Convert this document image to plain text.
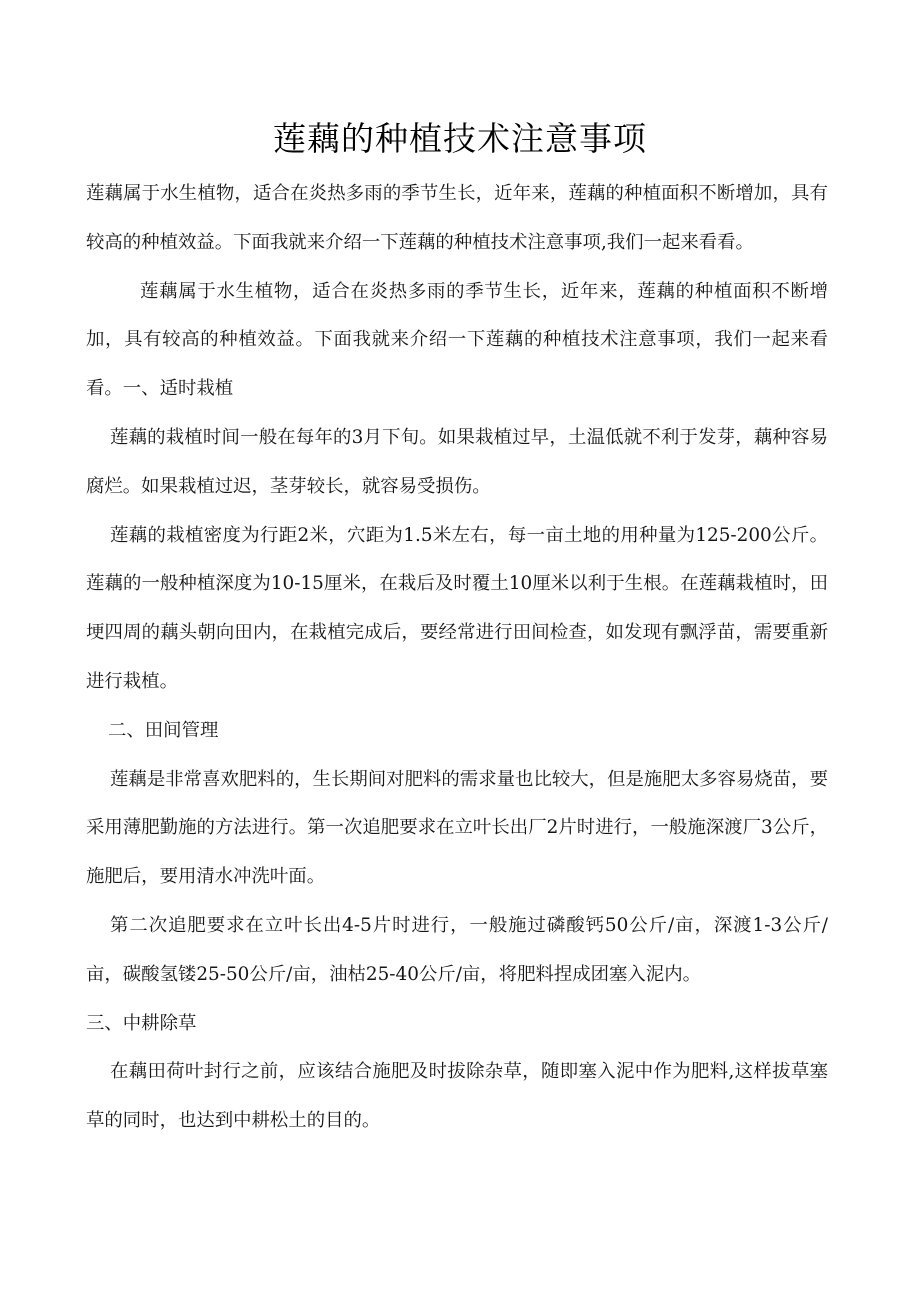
莲藕的种植技术注意事项

莲藕属于水生植物，适合在炎热多雨的季节生长，近年来，莲藕的种植面积不断增加，具有较高的种植效益。下面我就来介绍一下莲藕的种植技术注意事项,我们一起来看看。

莲藕属于水生植物，适合在炎热多雨的季节生长，近年来，莲藕的种植面积不断增加，具有较高的种植效益。下面我就来介绍一下莲藕的种植技术注意事项，我们一起来看看。一、适时栽植

莲藕的栽植时间一般在每年的3月下旬。如果栽植过早，土温低就不利于发芽，藕种容易腐烂。如果栽植过迟，茎芽较长，就容易受损伤。

莲藕的栽植密度为行距2米，穴距为1.5米左右，每一亩土地的用种量为125-200公斤。莲藕的一般种植深度为10-15厘米，在栽后及时覆土10厘米以利于生根。在莲藕栽植时，田埂四周的藕头朝向田内，在栽植完成后，要经常进行田间检查，如发现有飘浮苗，需要重新进行栽植。

二、田间管理

莲藕是非常喜欢肥料的，生长期间对肥料的需求量也比较大，但是施肥太多容易烧苗，要采用薄肥勤施的方法进行。第一次追肥要求在立叶长出厂2片时进行，一般施深渡厂3公斤，施肥后，要用清水冲洗叶面。

第二次追肥要求在立叶长出4-5片时进行，一般施过磷酸钙50公斤/亩，深渡1-3公斤/亩，碳酸氢镂25-50公斤/亩，油枯25-40公斤/亩，将肥料捏成团塞入泥内。

三、中耕除草

在藕田荷叶封行之前，应该结合施肥及时拔除杂草，随即塞入泥中作为肥料,这样拔草塞草的同时，也达到中耕松土的目的。
